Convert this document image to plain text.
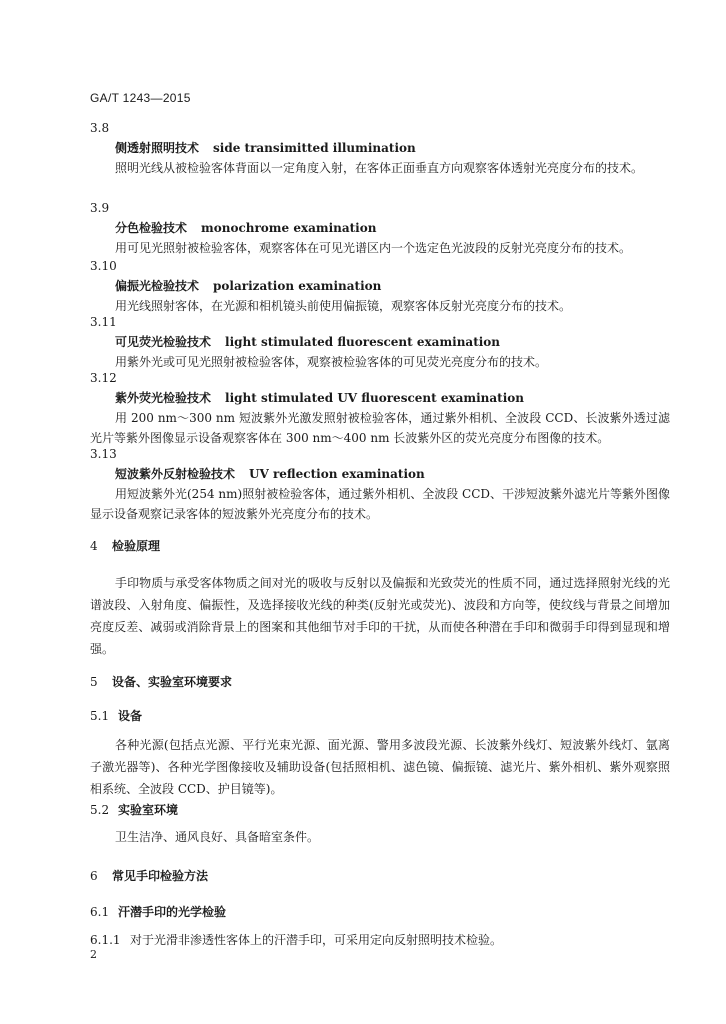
GA/T 1243—2015
3.8
侧透射照明技术 side transimitted illumination
照明光线从被检验客体背面以一定角度入射，在客体正面垂直方向观察客体透射光亮度分布的技术。
3.9
分色检验技术 monochrome examination
用可见光照射被检验客体，观察客体在可见光谱区内一个选定色光波段的反射光亮度分布的技术。
3.10
偏振光检验技术 polarization examination
用光线照射客体，在光源和相机镜头前使用偏振镜，观察客体反射光亮度分布的技术。
3.11
可见荧光检验技术 light stimulated fluorescent examination
用紫外光或可见光照射被检验客体，观察被检验客体的可见荧光亮度分布的技术。
3.12
紫外荧光检验技术 light stimulated UV fluorescent examination
用 200 nm～300 nm 短波紫外光激发照射被检验客体，通过紫外相机、全波段 CCD、长波紫外透过滤光片等紫外图像显示设备观察客体在 300 nm～400 nm 长波紫外区的荧光亮度分布图像的技术。
3.13
短波紫外反射检验技术 UV reflection examination
用短波紫外光(254 nm)照射被检验客体，通过紫外相机、全波段 CCD、干涉短波紫外滤光片等紫外图像显示设备观察记录客体的短波紫外光亮度分布的技术。
4 检验原理
手印物质与承受客体物质之间对光的吸收与反射以及偏振和光致荧光的性质不同，通过选择照射光线的光谱波段、入射角度、偏振性，及选择接收光线的种类(反射光或荧光)、波段和方向等，使纹线与背景之间增加亮度反差、减弱或消除背景上的图案和其他细节对手印的干扰，从而使各种潜在手印和微弱手印得到显现和增强。
5 设备、实验室环境要求
5.1 设备
各种光源(包括点光源、平行光束光源、面光源、警用多波段光源、长波紫外线灯、短波紫外线灯、氩离子激光器等)、各种光学图像接收及辅助设备(包括照相机、滤色镜、偏振镜、滤光片、紫外相机、紫外观察照相系统、全波段 CCD、护目镜等)。
5.2 实验室环境
卫生洁净、通风良好、具备暗室条件。
6 常见手印检验方法
6.1 汗潜手印的光学检验
6.1.1 对于光滑非渗透性客体上的汗潜手印，可采用定向反射照明技术检验。
2
